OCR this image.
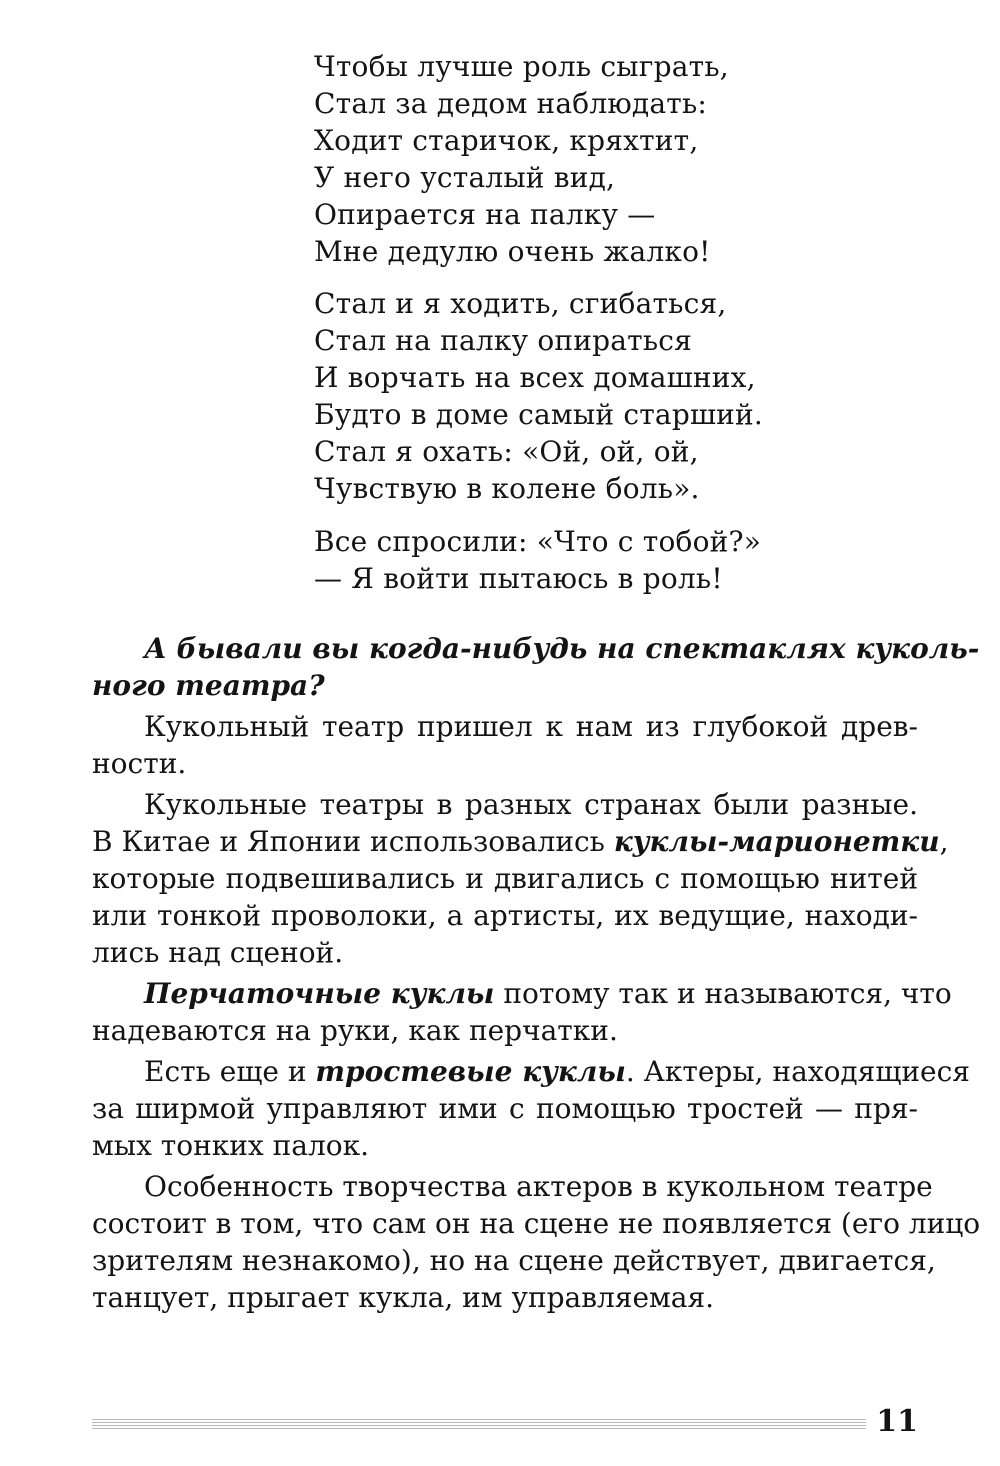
Чтобы лучше роль сыграть,
Стал за дедом наблюдать:
Ходит старичок, кряхтит,
У него усталый вид,
Опирается на палку —
Мне дедулю очень жалко!
Стал и я ходить, сгибаться,
Стал на палку опираться
И ворчать на всех домашних,
Будто в доме самый старший.
Стал я охать: «Ой, ой, ой,
Чувствую в колене боль».
Все спросили: «Что с тобой?»
— Я войти пытаюсь в роль!
А бывали вы когда-нибудь на спектаклях куколь-
ного театра?
Кукольный театр пришел к нам из глубокой древ-
ности.
Кукольные театры в разных странах были разные.
В Китае и Японии использовались куклы-марионетки,
которые подвешивались и двигались с помощью нитей
или тонкой проволоки, а артисты, их ведущие, находи-
лись над сценой.
Перчаточные куклы потому так и называются, что
надеваются на руки, как перчатки.
Есть еще и тростевые куклы. Актеры, находящиеся
за ширмой управляют ими с помощью тростей — пря-
мых тонких палок.
Особенность творчества актеров в кукольном театре
состоит в том, что сам он на сцене не появляется (его лицо
зрителям незнакомо), но на сцене действует, двигается,
танцует, прыгает кукла, им управляемая.
11
